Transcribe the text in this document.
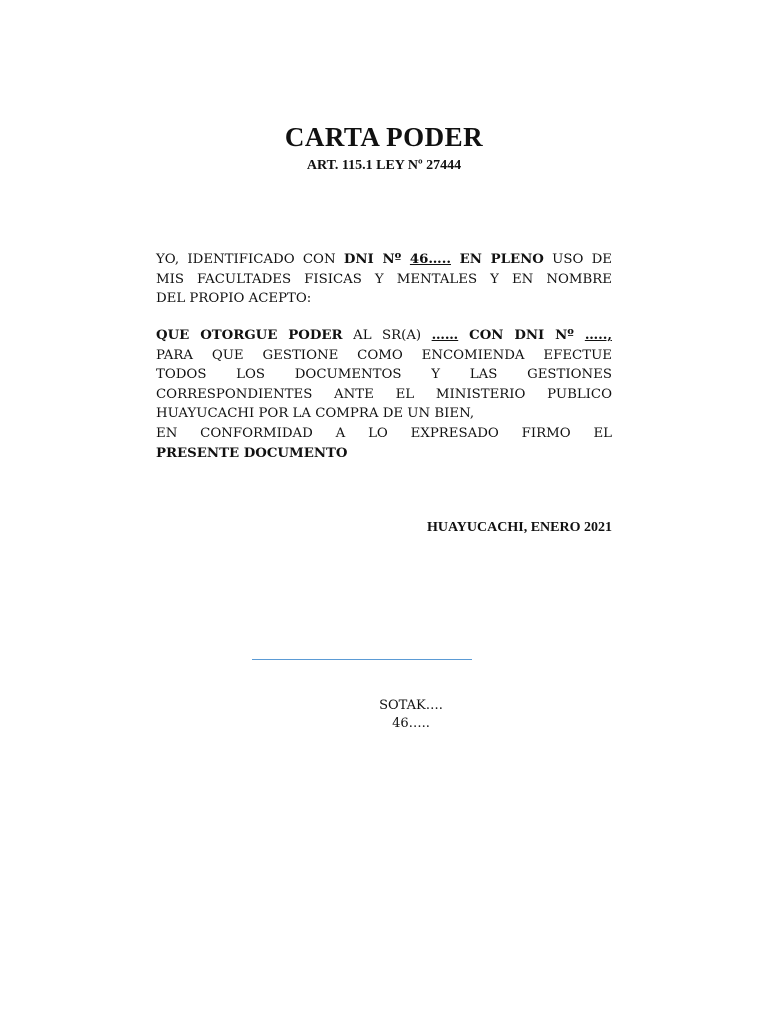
CARTA PODER
ART. 115.1 LEY Nº 27444
YO, IDENTIFICADO CON DNI Nº 46….. EN PLENO USO DE
MIS FACULTADES FISICAS Y MENTALES Y EN NOMBRE
DEL PROPIO ACEPTO:
QUE OTORGUE PODER AL SR(A) …… CON DNI Nº …..,
PARA QUE GESTIONE COMO ENCOMIENDA EFECTUE
TODOS LOS DOCUMENTOS Y LAS GESTIONES
CORRESPONDIENTES ANTE EL MINISTERIO PUBLICO
HUAYUCACHI POR LA COMPRA DE UN BIEN,
EN CONFORMIDAD A LO EXPRESADO FIRMO EL
PRESENTE DOCUMENTO
HUAYUCACHI, ENERO 2021
SOTAK….
46…..
